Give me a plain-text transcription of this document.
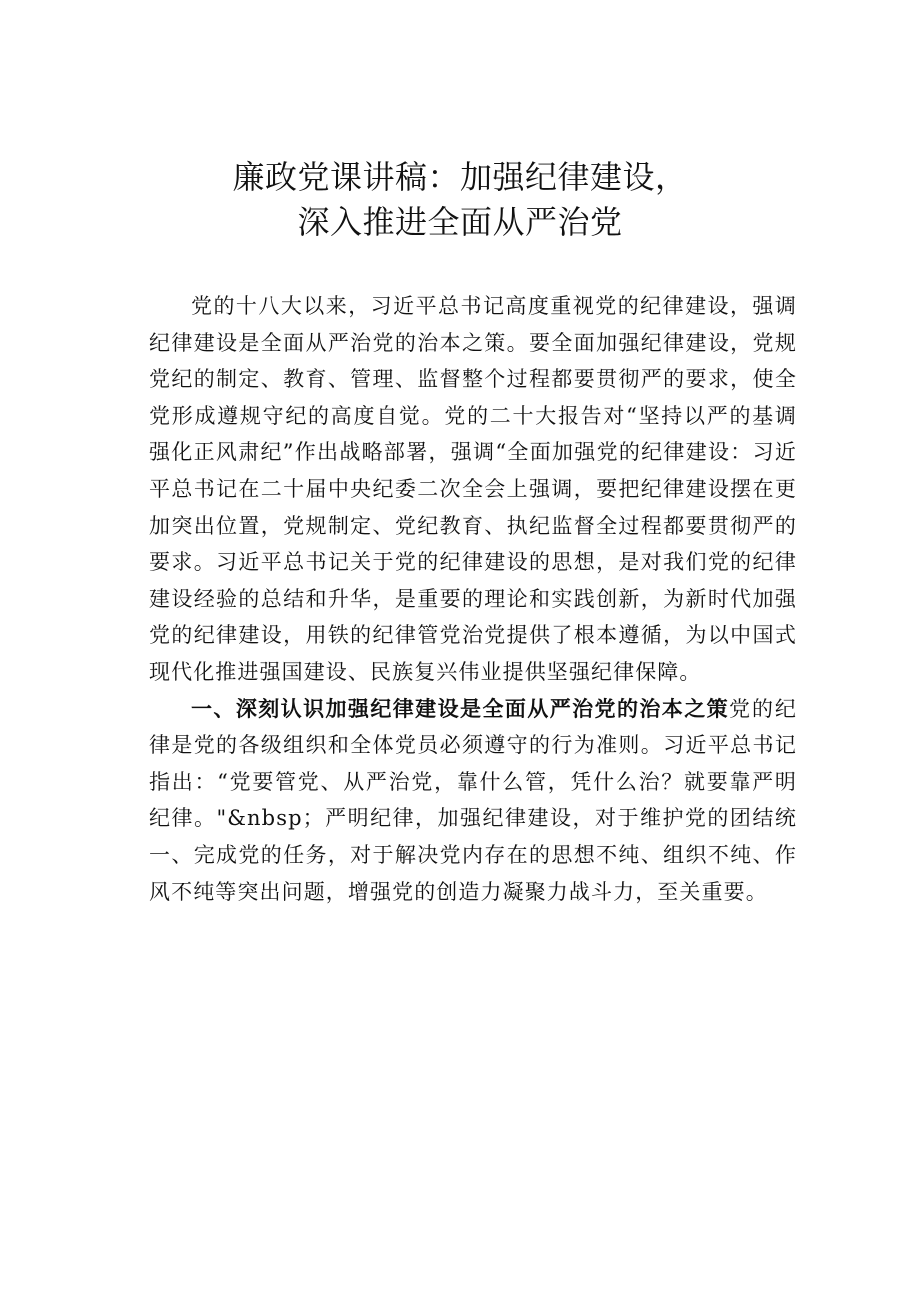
廉政党课讲稿：加强纪律建设，
深入推进全面从严治党

党的十八大以来，习近平总书记高度重视党的纪律建设，强调纪律建设是全面从严治党的治本之策。要全面加强纪律建设，党规党纪的制定、教育、管理、监督整个过程都要贯彻严的要求，使全党形成遵规守纪的高度自觉。党的二十大报告对“坚持以严的基调强化正风肃纪”作出战略部署，强调“全面加强党的纪律建设：习近平总书记在二十届中央纪委二次全会上强调，要把纪律建设摆在更加突出位置，党规制定、党纪教育、执纪监督全过程都要贯彻严的要求。习近平总书记关于党的纪律建设的思想，是对我们党的纪律建设经验的总结和升华，是重要的理论和实践创新，为新时代加强党的纪律建设，用铁的纪律管党治党提供了根本遵循，为以中国式现代化推进强国建设、民族复兴伟业提供坚强纪律保障。

一、深刻认识加强纪律建设是全面从严治党的治本之策党的纪律是党的各级组织和全体党员必须遵守的行为准则。习近平总书记指出：“党要管党、从严治党，靠什么管，凭什么治？就要靠严明纪律。"&nbsp；严明纪律，加强纪律建设，对于维护党的团结统一、完成党的任务，对于解决党内存在的思想不纯、组织不纯、作风不纯等突出问题，增强党的创造力凝聚力战斗力，至关重要。
